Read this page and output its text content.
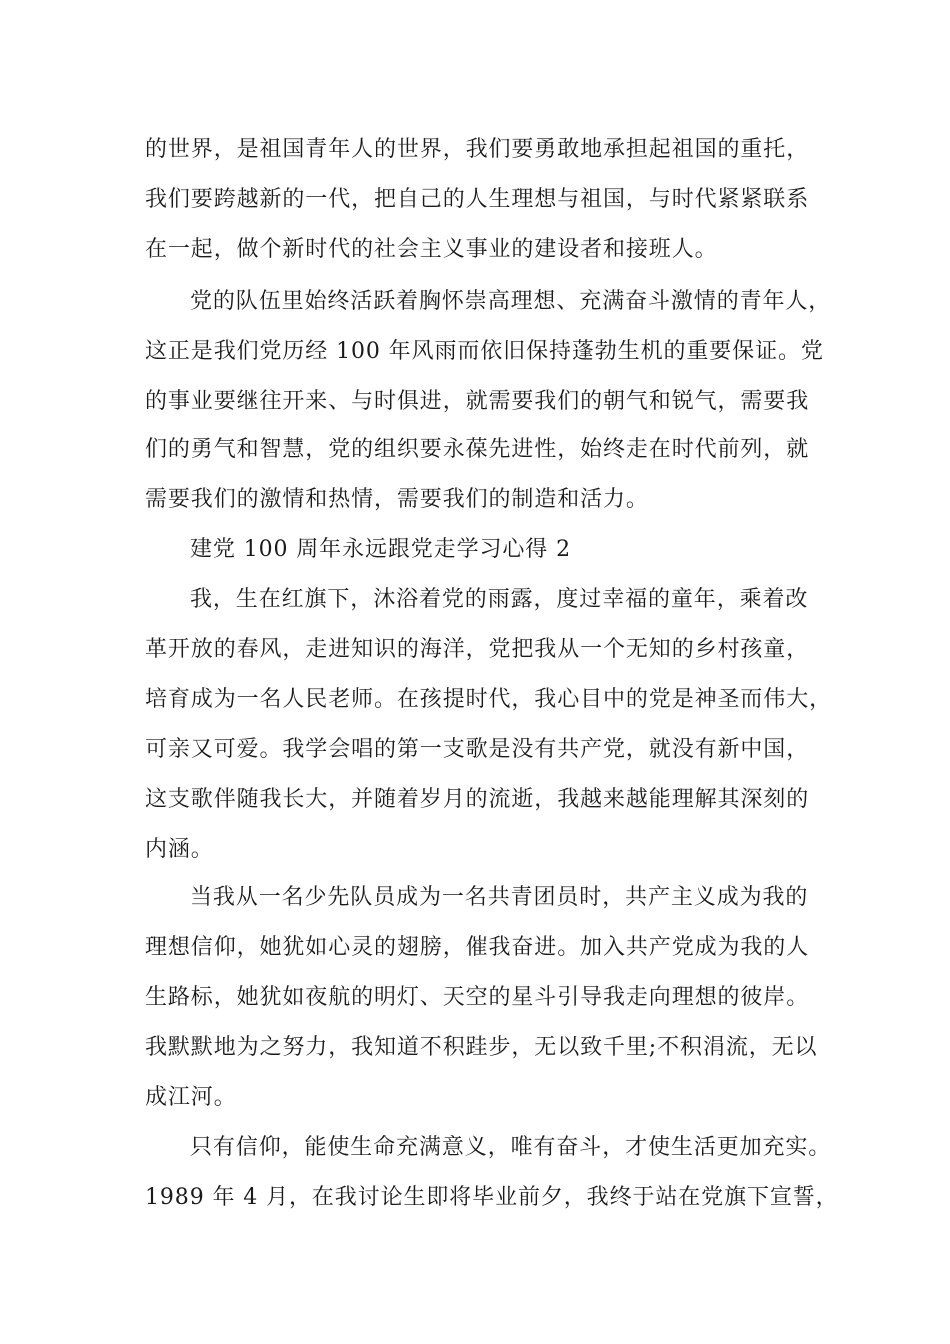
的世界，是祖国青年人的世界，我们要勇敢地承担起祖国的重托，
我们要跨越新的一代，把自己的人生理想与祖国，与时代紧紧联系
在一起，做个新时代的社会主义事业的建设者和接班人。
党的队伍里始终活跃着胸怀崇高理想、充满奋斗激情的青年人，
这正是我们党历经 100 年风雨而依旧保持蓬勃生机的重要保证。党
的事业要继往开来、与时俱进，就需要我们的朝气和锐气，需要我
们的勇气和智慧，党的组织要永葆先进性，始终走在时代前列，就
需要我们的激情和热情，需要我们的制造和活力。
建党 100 周年永远跟党走学习心得 2
我，生在红旗下，沐浴着党的雨露，度过幸福的童年，乘着改
革开放的春风，走进知识的海洋，党把我从一个无知的乡村孩童，
培育成为一名人民老师。在孩提时代，我心目中的党是神圣而伟大，
可亲又可爱。我学会唱的第一支歌是没有共产党，就没有新中国，
这支歌伴随我长大，并随着岁月的流逝，我越来越能理解其深刻的
内涵。
当我从一名少先队员成为一名共青团员时，共产主义成为我的
理想信仰，她犹如心灵的翅膀，催我奋进。加入共产党成为我的人
生路标，她犹如夜航的明灯、天空的星斗引导我走向理想的彼岸。
我默默地为之努力，我知道不积跬步，无以致千里;不积涓流，无以
成江河。
只有信仰，能使生命充满意义，唯有奋斗，才使生活更加充实。
1989 年 4 月，在我讨论生即将毕业前夕，我终于站在党旗下宣誓，
